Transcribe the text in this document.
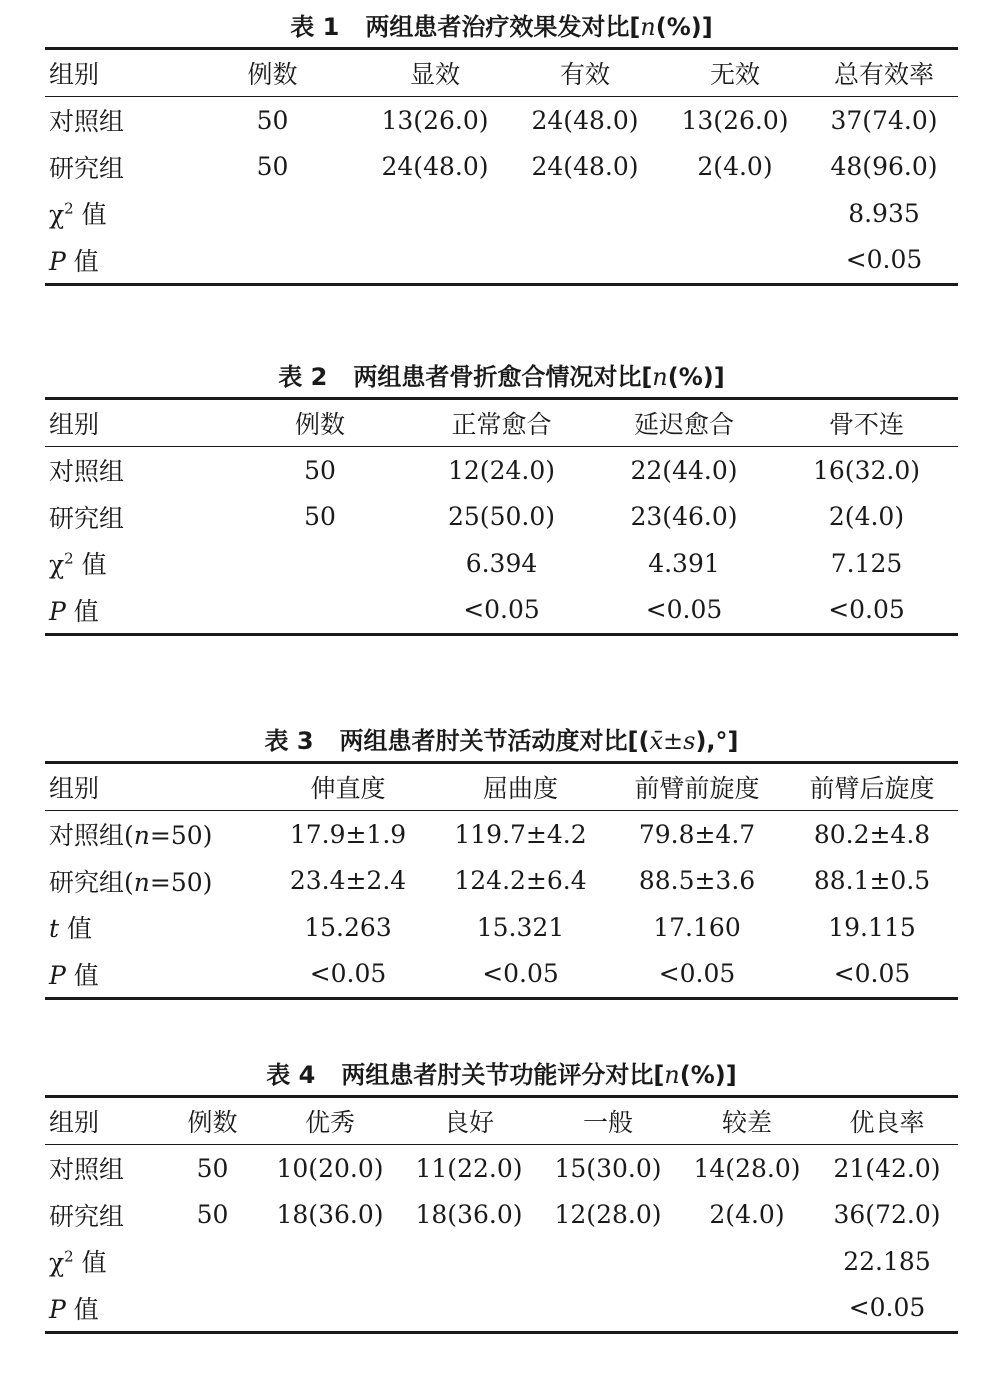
表 1 两组患者治疗效果发对比[n(%)]
组别	例数	显效	有效	无效	总有效率
对照组	50	13(26.0)	24(48.0)	13(26.0)	37(74.0)
研究组	50	24(48.0)	24(48.0)	2(4.0)	48(96.0)
$\chi^2$ 值					8.935
P 值					<0.05
表 2 两组患者骨折愈合情况对比[n(%)]
组别	例数	正常愈合	延迟愈合	骨不连
对照组	50	12(24.0)	22(44.0)	16(32.0)
研究组	50	25(50.0)	23(46.0)	2(4.0)
$\chi^2$ 值		6.394	4.391	7.125
P 值		<0.05	<0.05	<0.05
表 3 两组患者肘关节活动度对比[(x̄±s),°]
组别	伸直度	屈曲度	前臂前旋度	前臂后旋度
对照组(n=50)	17.9±1.9	119.7±4.2	79.8±4.7	80.2±4.8
研究组(n=50)	23.4±2.4	124.2±6.4	88.5±3.6	88.1±0.5
t 值	15.263	15.321	17.160	19.115
P 值	<0.05	<0.05	<0.05	<0.05
表 4 两组患者肘关节功能评分对比[n(%)]
组别	例数	优秀	良好	一般	较差	优良率
对照组	50	10(20.0)	11(22.0)	15(30.0)	14(28.0)	21(42.0)
研究组	50	18(36.0)	18(36.0)	12(28.0)	2(4.0)	36(72.0)
$\chi^2$ 值						22.185
P 值						<0.05
